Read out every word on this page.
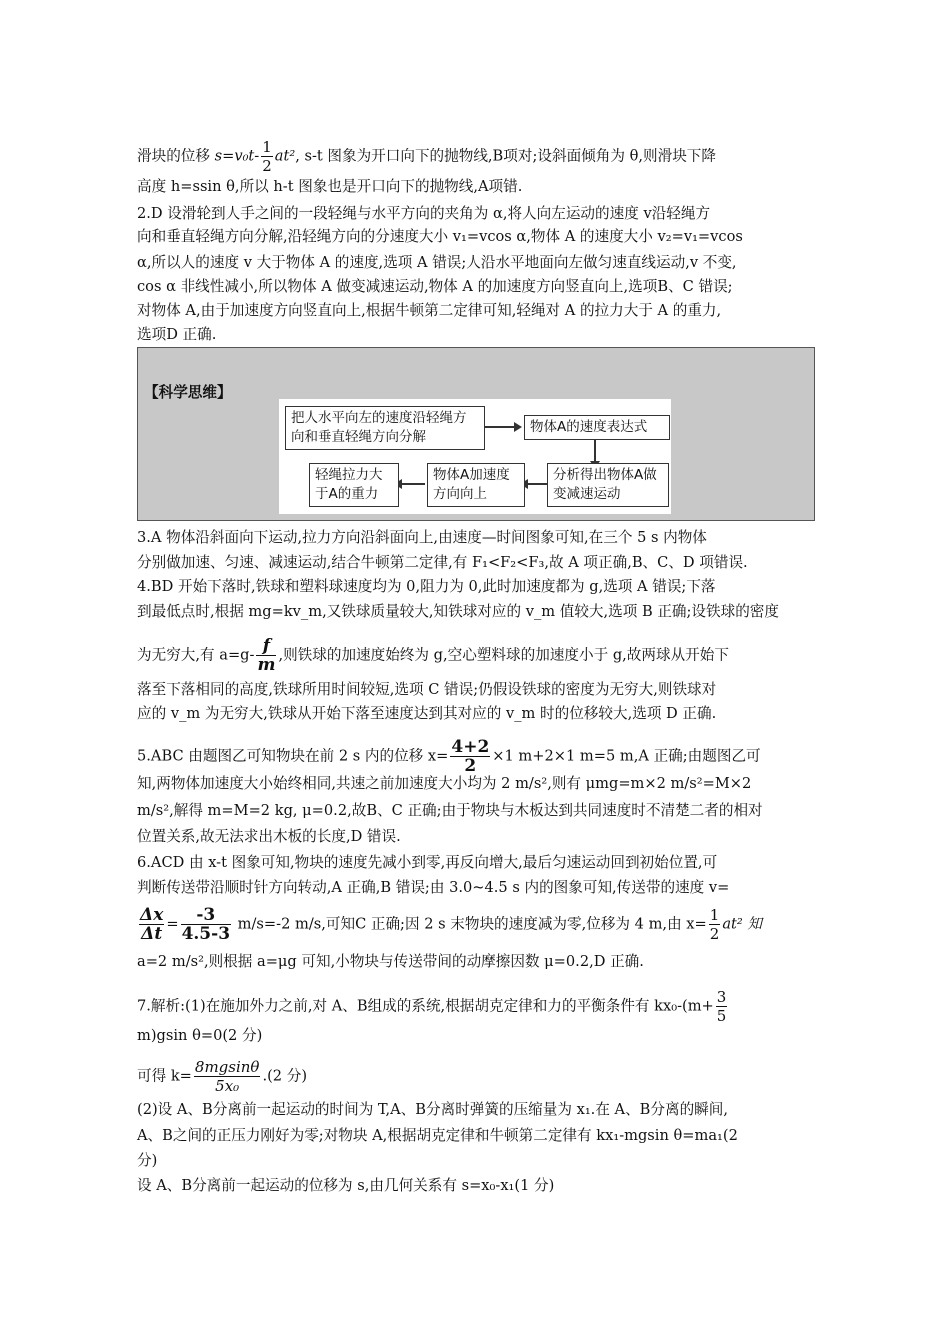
滑块的位移 $s=v_0t- \frac{1}{2} at^2$, s-t 图象为开口向下的抛物线,B项对;设斜面倾角为 θ,则滑块下降
高度 h=ssin θ,所以 h-t 图象也是开口向下的抛物线,A项错.
2.D 设滑轮到人手之间的一段轻绳与水平方向的夹角为 α,将人向左运动的速度 v沿轻绳方
向和垂直轻绳方向分解,沿轻绳方向的分速度大小 v₁=vcos α,物体 A 的速度大小 v₂=v₁=vcos
α,所以人的速度 v 大于物体 A 的速度,选项 A 错误;人沿水平地面向左做匀速直线运动,v 不变,
cos α 非线性减小,所以物体 A 做变减速运动,物体 A 的加速度方向竖直向上,选项B、C 错误;
对物体 A,由于加速度方向竖直向上,根据牛顿第二定律可知,轻绳对 A 的拉力大于 A 的重力,
选项D 正确.
3.A 物体沿斜面向下运动,拉力方向沿斜面向上,由速度—时间图象可知,在三个 5 s 内物体
分别做加速、匀速、减速运动,结合牛顿第二定律,有 F₁<F₂<F₃,故 A 项正确,B、C、D 项错误.
4.BD 开始下落时,铁球和塑料球速度均为 0,阻力为 0,此时加速度都为 g,选项 A 错误;下落
到最低点时,根据 mg=kv_m,又铁球质量较大,知铁球对应的 v_m 值较大,选项 B 正确;设铁球的密度
为无穷大,有 $a=g- \frac{f}{m}$ ,则铁球的加速度始终为 g,空心塑料球的加速度小于 g,故两球从开始下
落至下落相同的高度,铁球所用时间较短,选项 C 错误;仍假设铁球的密度为无穷大,则铁球对
应的 v_m 为无穷大,铁球从开始下落至速度达到其对应的 v_m 时的位移较大,选项 D 正确.
5.ABC 由题图乙可知物块在前 2 s 内的位移 $x= \frac{4+2}{2} \times 1$ m+2×1 m=5 m,A 正确;由题图乙可
知,两物体加速度大小始终相同,共速之前加速度大小均为 2 m/s²,则有 μmg=m×2 m/s²=M×2
m/s²,解得 m=M=2 kg, μ=0.2,故B、C 正确;由于物块与木板达到共同速度时不清楚二者的相对
位置关系,故无法求出木板的长度,D 错误.
6.ACD 由 x-t 图象可知,物块的速度先减小到零,再反向增大,最后匀速运动回到初始位置,可
判断传送带沿顺时针方向转动,A 正确,B 错误;由 3.0~4.5 s 内的图象可知,传送带的速度 v=
$\frac{\Delta x}{\Delta t} = \frac{-3}{4.5-3} m/s=-2$ m/s,可知C 正确;因 2 s 末物块的速度减为零,位移为 4 m,由 $x= \frac{1}{2} at^2$ 知
a=2 m/s²,则根据 a=μg 可知,小物块与传送带间的动摩擦因数 μ=0.2,D 正确.
7.解析:(1)在施加外力之前,对 A、B组成的系统,根据胡克定律和力的平衡条件有 $kx_0-(m+ \frac{3}{5}$
m)gsin θ=0(2 分)
可得 $k= \frac{8mgsin\theta}{\text{5x₀}} .(2$ 分)
(2)设 A、B分离前一起运动的时间为 T,A、B分离时弹簧的压缩量为 x₁.在 A、B分离的瞬间,
A、B之间的正压力刚好为零;对物块 A,根据胡克定律和牛顿第二定律有 kx₁-mgsin θ=ma₁(2
分)
设 A、B分离前一起运动的位移为 s,由几何关系有 s=x₀-x₁(1 分)
【科学思维】
把人水平向左的速度沿轻绳方向和垂直轻绳方向分解
物体A的速度表达式
分析得出物体A做变减速运动
物体A加速度方向向上
轻绳拉力大于A的重力
